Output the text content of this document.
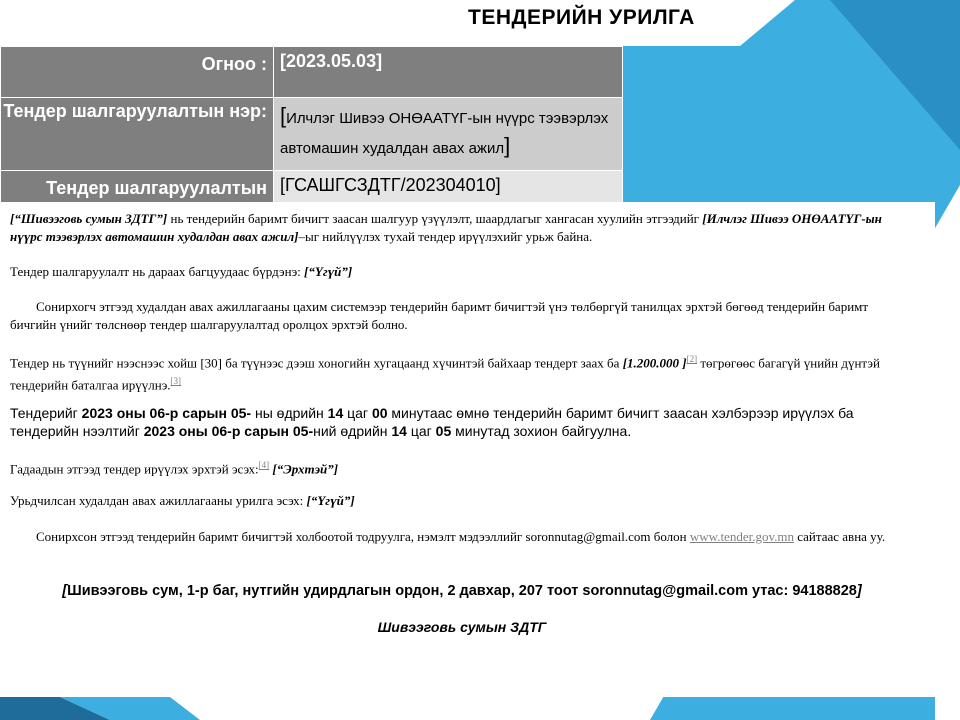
ТЕНДЕРИЙН УРИЛГА
Огноо :	[2023.05.03]
Тендер шалгаруулалтын нэр:	[Илчлэг Шивээ ОНӨААТҮГ-ын нүүрс тээвэрлэх автомашин худалдан авах ажил]
Тендер шалгаруулалтын	[ГСАШГСЗДТГ/202304010]

[“Шивээговь сумын ЗДТГ”] нь тендерийн баримт бичигт заасан шалгуур үзүүлэлт, шаардлагыг хангасан хуулийн этгээдийг [Илчлэг Шивээ ОНӨААТҮГ-ын нүүрс тээвэрлэх автомашин худалдан авах ажил]–ыг нийлүүлэх тухай тендер ирүүлэхийг урьж байна.

Тендер шалгаруулалт нь дараах багцуудаас бүрдэнэ: [“Үгүй”]

Сонирхогч этгээд худалдан авах ажиллагааны цахим системээр тендерийн баримт бичигтэй үнэ төлбөргүй танилцах эрхтэй бөгөөд тендерийн баримт бичгийн үнийг төлснөөр тендер шалгаруулалтад оролцох эрхтэй болно.

Тендер нь түүнийг нээснээс хойш [30] ба түүнээс дээш хоногийн хугацаанд хүчинтэй байхаар тендерт заах ба [1.200.000 ][2] төгрөгөөс багагүй үнийн дүнтэй тендерийн баталгаа ирүүлнэ.[3]

Тендерийг 2023 оны 06-р сарын 05- ны өдрийн 14 цаг 00 минутаас өмнө тендерийн баримт бичигт заасан хэлбэрээр ирүүлэх ба тендерийн нээлтийг 2023 оны 06-р сарын 05-ний өдрийн 14 цаг 05 минутад зохион байгуулна.

Гадаадын этгээд тендер ирүүлэх эрхтэй эсэх:[4] [“Эрхтэй”]

Урьдчилсан худалдан авах ажиллагааны урилга эсэх: [“Үгүй”]

Сонирхсон этгээд тендерийн баримт бичигтэй холбоотой тодруулга, нэмэлт мэдээллийг soronnutag@gmail.com болон www.tender.gov.mn сайтаас авна уу.

[Шивээговь сум, 1-р баг, нутгийн удирдлагын ордон, 2 давхар, 207 тоот soronnutag@gmail.com утас: 94188828]

Шивээговь сумын ЗДТГ
